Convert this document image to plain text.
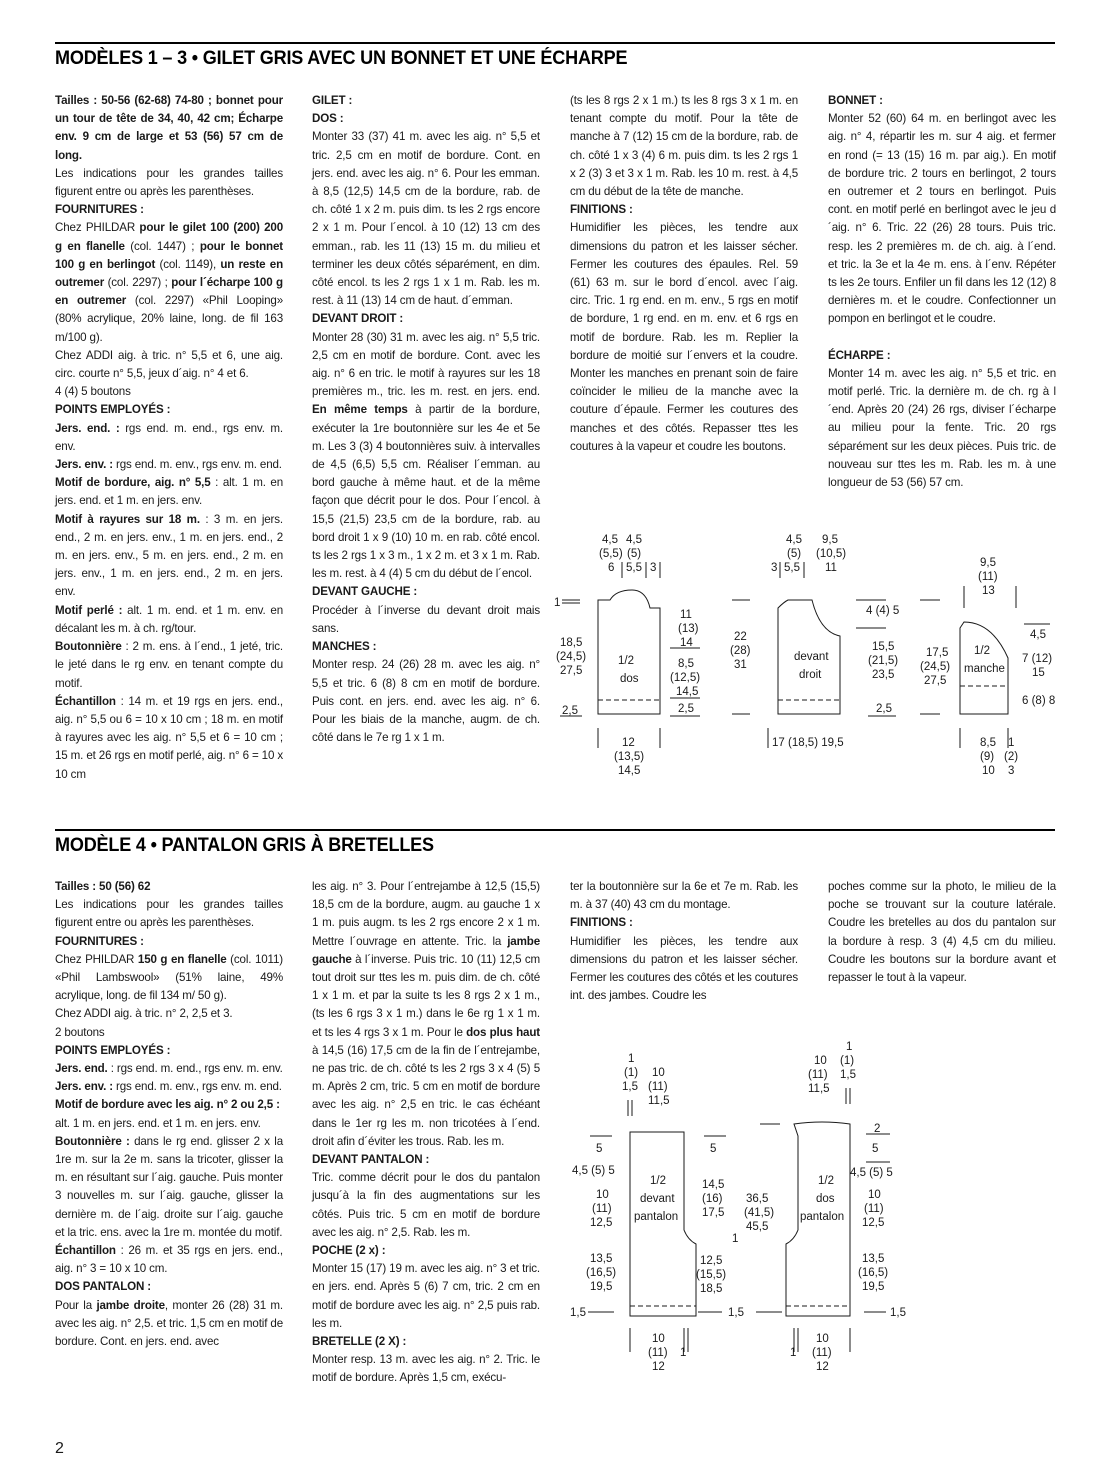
MODÈLES 1 – 3 • GILET GRIS AVEC UN BONNET ET UNE ÉCHARPE

Tailles : 50-56 (62-68) 74-80 ; bonnet pour un tour de tête de 34, 40, 42 cm; Écharpe env. 9 cm de large et 53 (56) 57 cm de long.

Les indications pour les grandes tailles figurent entre ou après les parenthèses.

FOURNITURES :

Chez PHILDAR pour le gilet 100 (200) 200 g en flanelle (col. 1447) ; pour le bonnet 100 g en berlingot (col. 1149), un reste en outremer (col. 2297) ; pour l´écharpe 100 g en outremer (col. 2297) «Phil Looping» (80% acrylique, 20% laine, long. de fil 163 m/100 g).

Chez ADDI aig. à tric. n° 5,5 et 6, une aig. circ. courte n° 5,5, jeux d´aig. n° 4 et 6.

4 (4) 5 boutons

POINTS EMPLOYÉS :

Jers. end. : rgs end. m. end., rgs env. m. env.

Jers. env. : rgs end. m. env., rgs env. m. end.

Motif de bordure, aig. n° 5,5 : alt. 1 m. en jers. end. et 1 m. en jers. env.

Motif à rayures sur 18 m. : 3 m. en jers. end., 2 m. en jers. env., 1 m. en jers. end., 2 m. en jers. env., 5 m. en jers. end., 2 m. en jers. env., 1 m. en jers. end., 2 m. en jers. env.

Motif perlé : alt. 1 m. end. et 1 m. env. en décalant les m. à ch. rg/tour.

Boutonnière : 2 m. ens. à l´end., 1 jeté, tric. le jeté dans le rg env. en tenant compte du motif.

Échantillon : 14 m. et 19 rgs en jers. end., aig. n° 5,5 ou 6 = 10 x 10 cm ; 18 m. en motif à rayures avec les aig. n° 5,5 et 6 = 10 cm ; 15 m. et 26 rgs en motif perlé, aig. n° 6 = 10 x 10 cm

GILET :

DOS :

Monter 33 (37) 41 m. avec les aig. n° 5,5 et tric. 2,5 cm en motif de bordure. Cont. en jers. end. avec les aig. n° 6. Pour les emman. à 8,5 (12,5) 14,5 cm de la bordure, rab. de ch. côté 1 x 2 m. puis dim. ts les 2 rgs encore 2 x 1 m. Pour l´encol. à 10 (12) 13 cm des emman., rab. les 11 (13) 15 m. du milieu et terminer les deux côtés séparément, en dim. côté encol. ts les 2 rgs 1 x 1 m. Rab. les m. rest. à 11 (13) 14 cm de haut. d´emman.

DEVANT DROIT :

Monter 28 (30) 31 m. avec les aig. n° 5,5 tric. 2,5 cm en motif de bordure. Cont. avec les aig. n° 6 en tric. le motif à rayures sur les 18 premières m., tric. les m. rest. en jers. end. En même temps à partir de la bordure, exécuter la 1re boutonnière sur les 4e et 5e m. Les 3 (3) 4 boutonnières suiv. à intervalles de 4,5 (6,5) 5,5 cm. Réaliser l´emman. au bord gauche à même haut. et de la même façon que décrit pour le dos. Pour l´encol. à 15,5 (21,5) 23,5 cm de la bordure, rab. au bord droit 1 x 9 (10) 10 m. en rab. côté encol. ts les 2 rgs 1 x 3 m., 1 x 2 m. et 3 x 1 m. Rab. les m. rest. à 4 (4) 5 cm du début de l´encol.

DEVANT GAUCHE :

Procéder à l´inverse du devant droit mais sans.

MANCHES :

Monter resp. 24 (26) 28 m. avec les aig. n° 5,5 et tric. 6 (8) 8 cm en motif de bordure. Puis cont. en jers. end. avec les aig. n° 6. Pour les biais de la manche, augm. de ch. côté dans le 7e rg 1 x 1 m.

(ts les 8 rgs 2 x 1 m.) ts les 8 rgs 3 x 1 m. en tenant compte du motif. Pour la tête de manche à 7 (12) 15 cm de la bordure, rab. de ch. côté 1 x 3 (4) 6 m. puis dim. ts les 2 rgs 1 x 2 (3) 3 et 3 x 1 m. Rab. les 10 m. rest. à 4,5 cm du début de la tête de manche.

FINITIONS :

Humidifier les pièces, les tendre aux dimensions du patron et les laisser sécher. Fermer les coutures des épaules. Rel. 59 (61) 63 m. sur le bord d´encol. avec l´aig. circ. Tric. 1 rg end. en m. env., 5 rgs en motif de bordure, 1 rg end. en m. env. et 6 rgs en motif de bordure. Rab. les m. Replier la bordure de moitié sur l´envers et la coudre. Monter les manches en prenant soin de faire coïncider le milieu de la manche avec la couture d´épaule. Fermer les coutures des manches et des côtés. Repasser ttes les coutures à la vapeur et coudre les boutons.

BONNET :

Monter 52 (60) 64 m. en berlingot avec les aig. n° 4, répartir les m. sur 4 aig. et fermer en rond (= 13 (15) 16 m. par aig.). En motif de bordure tric. 2 tours en berlingot, 2 tours en outremer et 2 tours en berlingot. Puis cont. en motif perlé en berlingot avec le jeu d´aig. n° 6. Tric. 22 (26) 28 tours. Puis tric. resp. les 2 premières m. de ch. aig. à l´end. et tric. la 3e et la 4e m. ens. à l´env. Répéter ts les 2e tours. Enfiler un fil dans les 12 (12) 8 dernières m. et le coudre. Confectionner un pompon en berlingot et le coudre.

ÉCHARPE :

Monter 14 m. avec les aig. n° 5,5 et tric. en motif perlé. Tric. la dernière m. de ch. rg à l´end. Après 20 (24) 26 rgs, diviser l´écharpe au milieu pour la fente. Tric. 20 rgs séparément sur les deux pièces. Puis tric. de nouveau sur ttes les m. Rab. les m. à une longueur de 53 (56) 57 cm.

4,5
(5,5)
6
4,5
(5)
5,5 3
1
18,5
(24,5)
27,5
2,5
1/2
dos
11
(13)
14
8,5
(12,5)
14,5
2,5
12
(13,5)
14,5
4,5
(5)
5,5
3
9,5
(10,5)
11
22
(28)
31
devant
droit
4 (4) 5
15,5
(21,5)
23,5
2,5
17 (18,5) 19,5
9,5
(11)
13
17,5
(24,5)
27,5
1/2
manche
4,5
7 (12)
15
6 (8) 8
8,5
(9)
10
1
(2)
3
MODÈLE 4 • PANTALON GRIS À BRETELLES

Tailles : 50 (56) 62

Les indications pour les grandes tailles figurent entre ou après les parenthèses.

FOURNITURES :

Chez PHILDAR 150 g en flanelle (col. 1011) «Phil Lambswool» (51% laine, 49% acrylique, long. de fil 134 m/ 50 g).

Chez ADDI aig. à tric. n° 2, 2,5 et 3.

2 boutons

POINTS EMPLOYÉS :

Jers. end. : rgs end. m. end., rgs env. m. env.

Jers. env. : rgs end. m. env., rgs env. m. end.

Motif de bordure avec les aig. n° 2 ou 2,5 :

alt. 1 m. en jers. end. et 1 m. en jers. env.

Boutonnière : dans le rg end. glisser 2 x la 1re m. sur la 2e m. sans la tricoter, glisser la m. en résultant sur l´aig. gauche. Puis monter 3 nouvelles m. sur l´aig. gauche, glisser la dernière m. de l´aig. droite sur l´aig. gauche et la tric. ens. avec la 1re m. montée du motif.

Échantillon : 26 m. et 35 rgs en jers. end., aig. n° 3 = 10 x 10 cm.

DOS PANTALON :

Pour la jambe droite, monter 26 (28) 31 m. avec les aig. n° 2,5. et tric. 1,5 cm en motif de bordure. Cont. en jers. end. avec

les aig. n° 3. Pour l´entrejambe à 12,5 (15,5) 18,5 cm de la bordure, augm. au gauche 1 x 1 m. puis augm. ts les 2 rgs encore 2 x 1 m. Mettre l´ouvrage en attente. Tric. la jambe gauche à l´inverse. Puis tric. 10 (11) 12,5 cm tout droit sur ttes les m. puis dim. de ch. côté 1 x 1 m. et par la suite ts les 8 rgs 2 x 1 m., (ts les 6 rgs 3 x 1 m.) dans le 6e rg 1 x 1 m. et ts les 4 rgs 3 x 1 m. Pour le dos plus haut à 14,5 (16) 17,5 cm de la fin de l´entrejambe, ne pas tric. de ch. côté ts les 2 rgs 3 x 4 (5) 5 m. Après 2 cm, tric. 5 cm en motif de bordure avec les aig. n° 2,5 en tric. le cas échéant dans le 1er rg les m. non tricotées à l´end. droit afin d´éviter les trous. Rab. les m.

DEVANT PANTALON :

Tric. comme décrit pour le dos du pantalon jusqu´à la fin des augmentations sur les côtés. Puis tric. 5 cm en motif de bordure avec les aig. n° 2,5. Rab. les m.

POCHE (2 x) :

Monter 15 (17) 19 m. avec les aig. n° 3 et tric. en jers. end. Après 5 (6) 7 cm, tric. 2 cm en motif de bordure avec les aig. n° 2,5 puis rab. les m.

BRETELLE (2 X) :

Monter resp. 13 m. avec les aig. n° 2. Tric. le motif de bordure. Après 1,5 cm, exécu-

ter la boutonnière sur la 6e et 7e m. Rab. les m. à 37 (40) 43 cm du montage.

FINITIONS :

Humidifier les pièces, les tendre aux dimensions du patron et les laisser sécher. Fermer les coutures des côtés et les coutures int. des jambes. Coudre les

poches comme sur la photo, le milieu de la poche se trouvant sur la couture latérale. Coudre les bretelles au dos du pantalon sur la bordure à resp. 3 (4) 4,5 cm du milieu. Coudre les boutons sur la bordure avant et repasser le tout à la vapeur.

1
(1)
1,5
10
(11)
11,5
5
4,5 (5) 5
10
(11)
12,5
13,5
(16,5)
19,5
1,5
1/2
devant
pantalon
5
14,5
(16)
17,5
1
12,5
(15,5)
18,5
1,5
36,5
(41,5)
45,5
10
(11)
12
1
1
(1)
1,5
10
(11)
11,5
2
5
4,5 (5) 5
10
(11)
12,5
13,5
(16,5)
19,5
1,5
1/2
dos
pantalon
10
(11)
12
1
2
